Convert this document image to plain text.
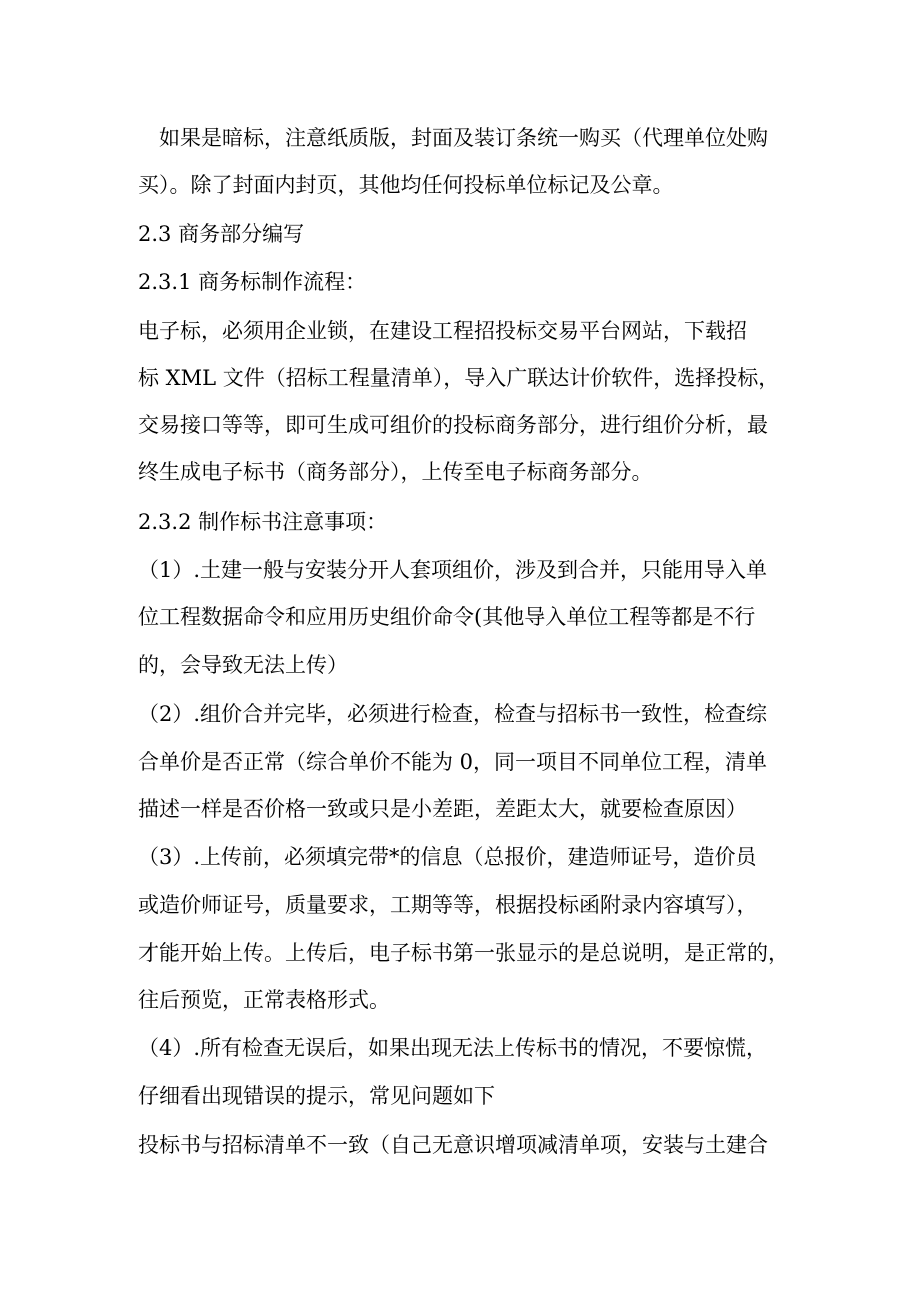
　如果是暗标，注意纸质版，封面及装订条统一购买（代理单位处购
买）。除了封面内封页，其他均任何投标单位标记及公章。
2.3 商务部分编写
2.3.1 商务标制作流程：
电子标，必须用企业锁，在建设工程招投标交易平台网站，下载招
标 XML 文件（招标工程量清单），导入广联达计价软件，选择投标，
交易接口等等，即可生成可组价的投标商务部分，进行组价分析，最
终生成电子标书（商务部分），上传至电子标商务部分。
2.3.2 制作标书注意事项：
（1）.土建一般与安装分开人套项组价，涉及到合并，只能用导入单
位工程数据命令和应用历史组价命令(其他导入单位工程等都是不行
的，会导致无法上传）
（2）.组价合并完毕，必须进行检查，检查与招标书一致性，检查综
合单价是否正常（综合单价不能为 0，同一项目不同单位工程，清单
描述一样是否价格一致或只是小差距，差距太大，就要检查原因）
（3）.上传前，必须填完带*的信息（总报价，建造师证号，造价员
或造价师证号，质量要求，工期等等，根据投标函附录内容填写），
才能开始上传。上传后，电子标书第一张显示的是总说明，是正常的，
往后预览，正常表格形式。
（4）.所有检查无误后，如果出现无法上传标书的情况，不要惊慌，
仔细看出现错误的提示，常见问题如下
投标书与招标清单不一致（自己无意识增项减清单项，安装与土建合
